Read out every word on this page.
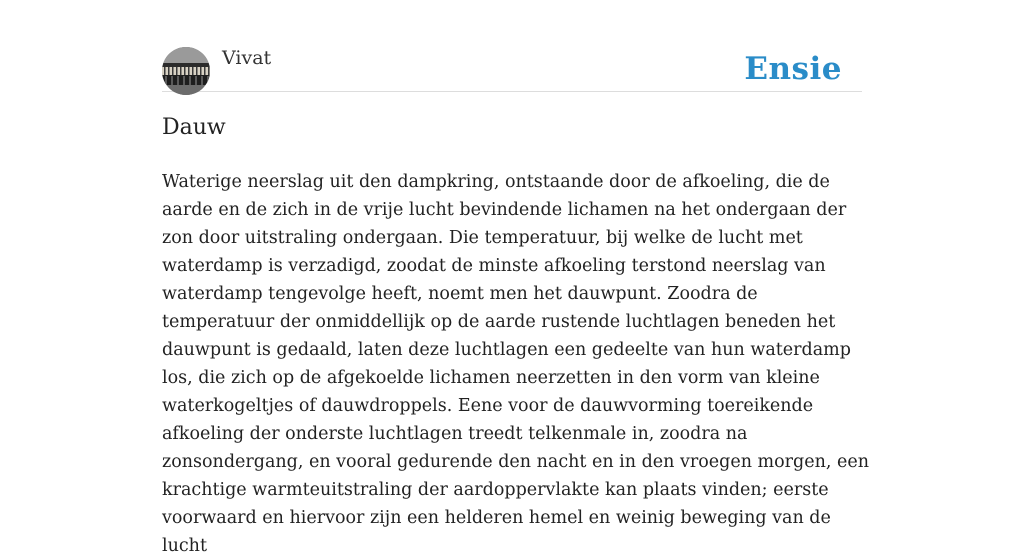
Vivat	Ensie
Dauw

Waterige neerslag uit den dampkring, ontstaande door de afkoeling, die de aarde en de zich in de vrije lucht bevindende lichamen na het ondergaan der zon door uitstraling ondergaan. Die temperatuur, bij welke de lucht met waterdamp is verzadigd, zoodat de minste afkoeling terstond neerslag van waterdamp tengevolge heeft, noemt men het dauwpunt. Zoodra de temperatuur der onmiddellijk op de aarde rustende luchtlagen beneden het dauwpunt is gedaald, laten deze luchtlagen een gedeelte van hun waterdamp los, die zich op de afgekoelde lichamen neerzetten in den vorm van kleine waterkogeltjes of dauwdroppels. Eene voor de dauwvorming toereikende afkoeling der onderste luchtlagen treedt telkenmale in, zoodra na zonsondergang, en vooral gedurende den nacht en in den vroegen morgen, een krachtige warmteuitstraling der aardoppervlakte kan plaats vinden; eerste voorwaard en hiervoor zijn een helderen hemel en weinig beweging van de lucht
